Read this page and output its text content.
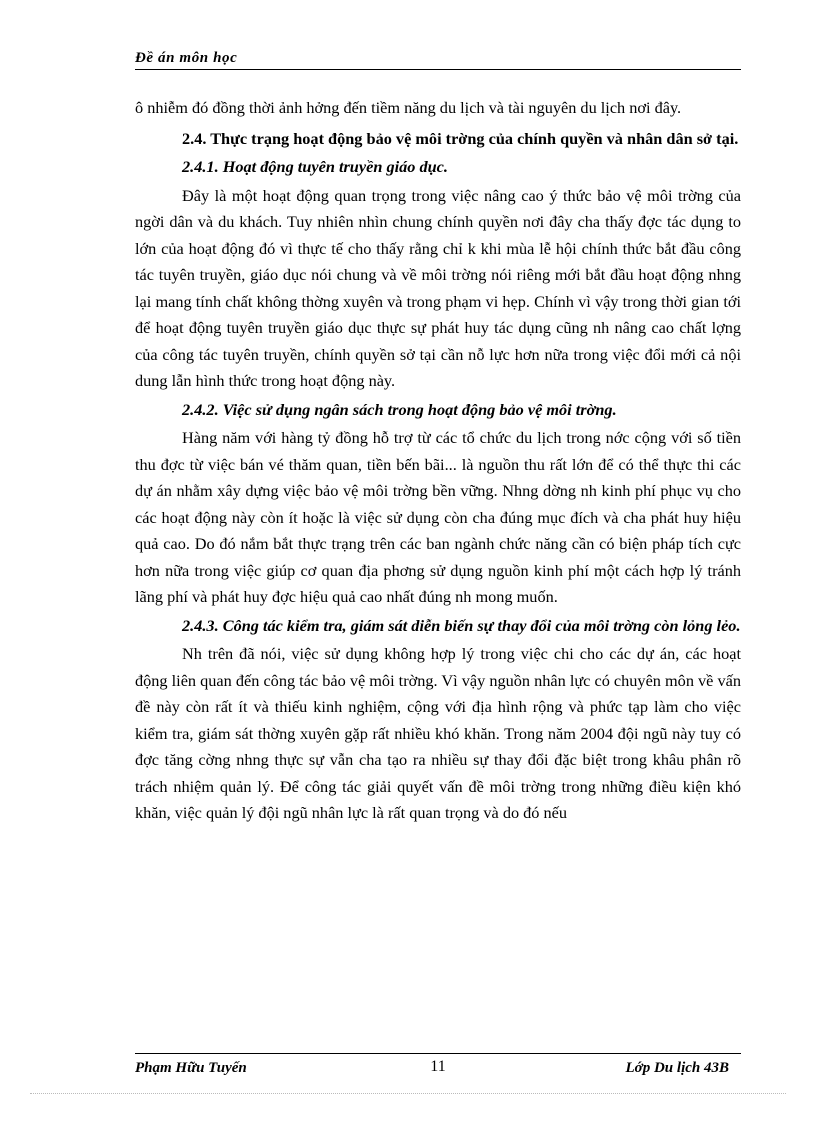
Đề án môn học

ô nhiễm đó đồng thời ảnh hởng đến tiềm năng du lịch và tài nguyên du lịch nơi đây.

2.4. Thực trạng hoạt động bảo vệ môi trờng của chính quyền và nhân dân sở tại.

2.4.1. Hoạt động tuyên truyền giáo dục.

Đây là một hoạt động quan trọng trong việc nâng cao ý thức bảo vệ môi trờng của ngời dân và du khách. Tuy nhiên nhìn chung chính quyền nơi đây cha thấy đợc tác dụng to lớn của hoạt động đó vì thực tế cho thấy rằng chỉ k khi mùa lễ hội chính thức bắt đầu công tác tuyên truyền, giáo dục nói chung và về môi trờng nói riêng mới bắt đầu hoạt động nhng lại mang tính chất không thờng xuyên và trong phạm vi hẹp. Chính vì vậy trong thời gian tới để hoạt động tuyên truyền giáo dục thực sự phát huy tác dụng cũng nh nâng cao chất lợng của công tác tuyên truyền, chính quyền sở tại cần nỗ lực hơn nữa trong việc đổi mới cả nội dung lẫn hình thức trong hoạt động này.

2.4.2. Việc sử dụng ngân sách trong hoạt động bảo vệ môi trờng.

Hàng năm với hàng tỷ đồng hỗ trợ từ các tổ chức du lịch trong nớc cộng với số tiền thu đợc từ việc bán vé thăm quan, tiền bến bãi... là nguồn thu rất lớn để có thể thực thi các dự án nhằm xây dựng việc bảo vệ môi trờng bền vững. Nhng dờng nh kinh phí phục vụ cho các hoạt động này còn ít hoặc là việc sử dụng còn cha đúng mục đích và cha phát huy hiệu quả cao. Do đó nắm bắt thực trạng trên các ban ngành chức năng cần có biện pháp tích cực hơn nữa trong việc giúp cơ quan địa phơng sử dụng nguồn kinh phí một cách hợp lý tránh lãng phí và phát huy đợc hiệu quả cao nhất đúng nh mong muốn.

2.4.3. Công tác kiểm tra, giám sát diễn biến sự thay đổi của môi trờng còn lỏng lẻo.

Nh trên đã nói, việc sử dụng không hợp lý trong việc chi cho các dự án, các hoạt động liên quan đến công tác bảo vệ môi trờng. Vì vậy nguồn nhân lực có chuyên môn về vấn đề này còn rất ít và thiếu kinh nghiệm, cộng với địa hình rộng và phức tạp làm cho việc kiểm tra, giám sát thờng xuyên gặp rất nhiều khó khăn. Trong năm 2004 đội ngũ này tuy có đợc tăng cờng nhng thực sự vẫn cha tạo ra nhiều sự thay đổi đặc biệt trong khâu phân rõ trách nhiệm quản lý. Để công tác giải quyết vấn đề môi trờng trong những điều kiện khó khăn, việc quản lý đội ngũ nhân lực là rất quan trọng và do đó nếu

Phạm Hữu Tuyến	11	Lớp Du lịch 43B
